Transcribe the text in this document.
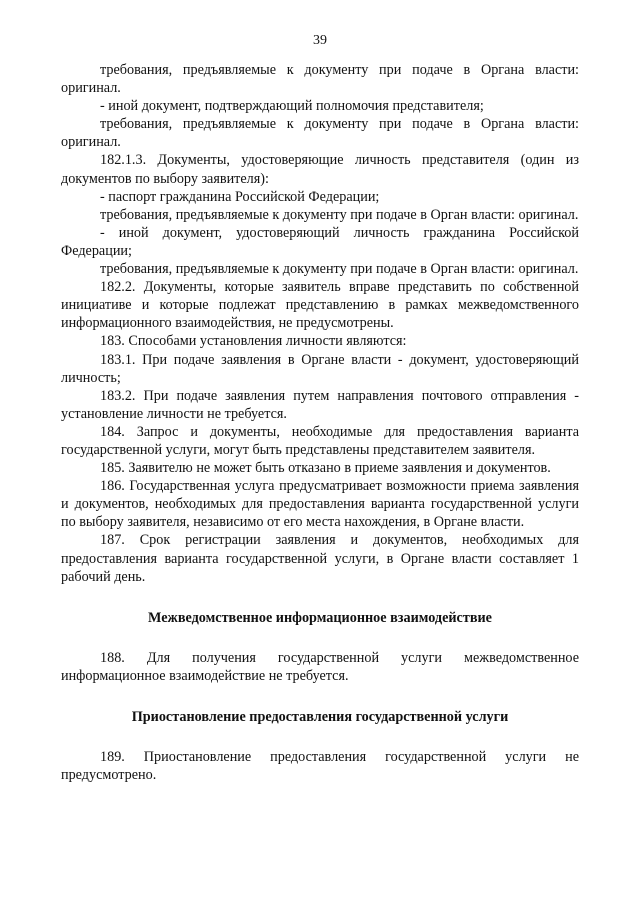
39

требования, предъявляемые к документу при подаче в Органа власти: оригинал.

- иной документ, подтверждающий полномочия представителя;

требования, предъявляемые к документу при подаче в Органа власти: оригинал.

182.1.3. Документы, удостоверяющие личность представителя (один из документов по выбору заявителя):

- паспорт гражданина Российской Федерации;

требования, предъявляемые к документу при подаче в Орган власти: оригинал.

- иной документ, удостоверяющий личность гражданина Российской Федерации;

требования, предъявляемые к документу при подаче в Орган власти: оригинал.

182.2. Документы, которые заявитель вправе представить по собственной инициативе и которые подлежат представлению в рамках межведомственного информационного взаимодействия, не предусмотрены.

183. Способами установления личности являются:

183.1. При подаче заявления в Органе власти - документ, удостоверяющий личность;

183.2. При подаче заявления путем направления почтового отправления - установление личности не требуется.

184. Запрос и документы, необходимые для предоставления варианта государственной услуги, могут быть представлены представителем заявителя.

185. Заявителю не может быть отказано в приеме заявления и документов.

186. Государственная услуга предусматривает возможности приема заявления и документов, необходимых для предоставления варианта государственной услуги по выбору заявителя, независимо от его места нахождения, в Органе власти.

187. Срок регистрации заявления и документов, необходимых для предоставления варианта государственной услуги, в Органе власти составляет 1 рабочий день.

Межведомственное информационное взаимодействие

188. Для получения государственной услуги межведомственное информационное взаимодействие не требуется.

Приостановление предоставления государственной услуги

189. Приостановление предоставления государственной услуги не предусмотрено.
